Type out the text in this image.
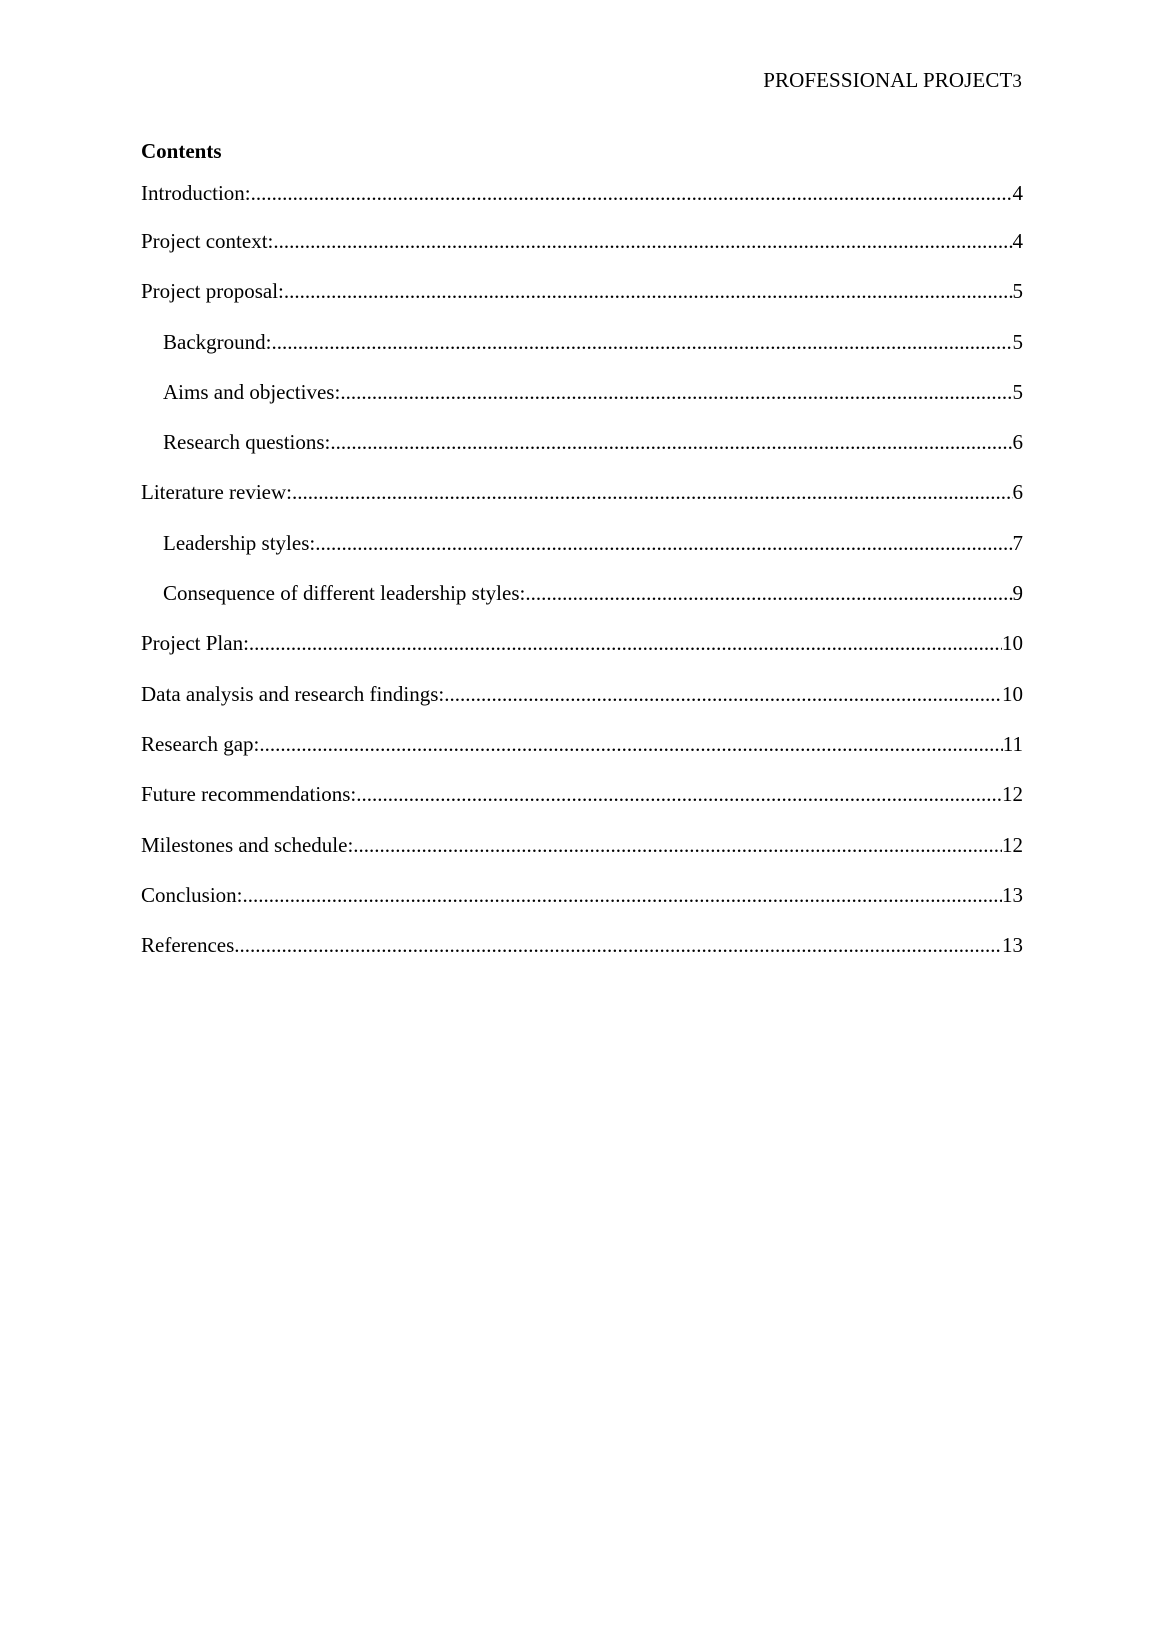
PROFESSIONAL PROJECT3
Contents
Introduction: .....	4
Project context: .....	4
Project proposal: .....	5
Background: .....	5
Aims and objectives: .....	5
Research questions: .....	6
Literature review: .....	6
Leadership styles: .....	7
Consequence of different leadership styles: .....	9
Project Plan: .....	10
Data analysis and research findings: .....	10
Research gap: .....	11
Future recommendations: .....	12
Milestones and schedule: .....	12
Conclusion: .....	13
References .....	13
